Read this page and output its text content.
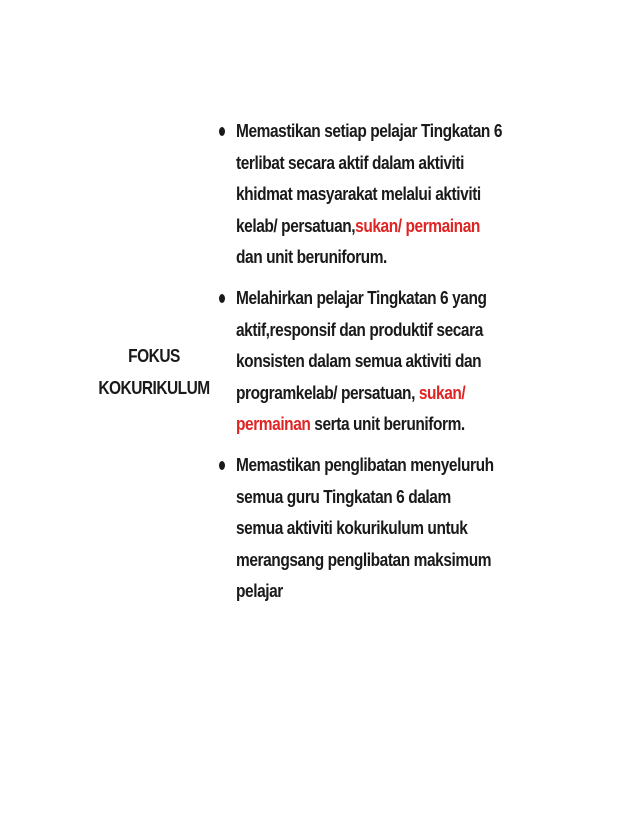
FOKUS
KOKURIKULUM
Memastikan setiap pelajar Tingkatan 6
terlibat secara aktif dalam aktiviti
khidmat masyarakat melalui aktiviti
kelab/ persatuan,sukan/ permainan
dan unit beruniforum.
Melahirkan pelajar Tingkatan 6 yang
aktif,responsif dan produktif secara
konsisten dalam semua aktiviti dan
programkelab/ persatuan, sukan/
permainan serta unit beruniform.
Memastikan penglibatan menyeluruh
semua guru Tingkatan 6 dalam
semua aktiviti kokurikulum untuk
merangsang penglibatan maksimum
pelajar
